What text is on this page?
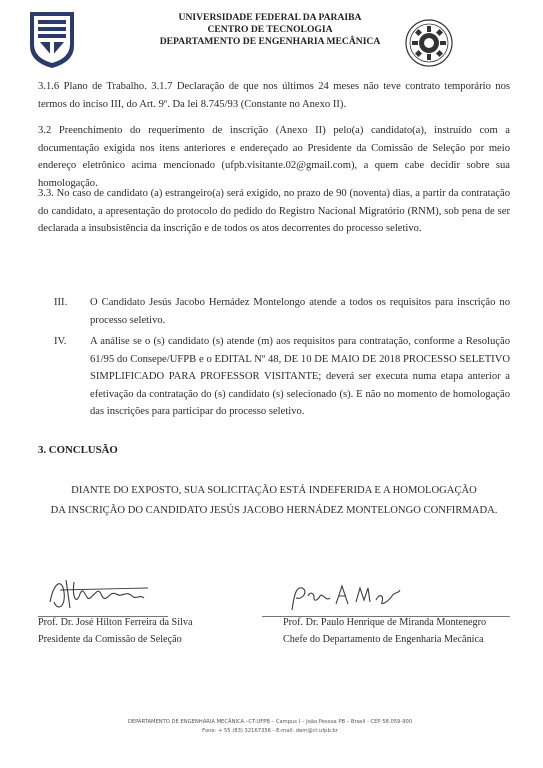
UNIVERSIDADE FEDERAL DA PARAIBA
CENTRO DE TECNOLOGIA
DEPARTAMENTO DE ENGENHARIA MECÂNICA
3.1.6 Plano de Trabalho. 3.1.7 Declaração de que nos últimos 24 meses não teve contrato temporário nos termos do inciso III, do Art. 9º. Da lei 8.745/93 (Constante no Anexo II).
3.2 Preenchimento do requerimento de inscrição (Anexo II) pelo(a) candidato(a), instruído com a documentação exigida nos itens anteriores e endereçado ao Presidente da Comissão de Seleção por meio endereço eletrônico acima mencionado (ufpb.visitante.02@gmail.com), a quem cabe decidir sobre sua homologação.
3.3. No caso de candidato (a) estrangeiro(a) será exigido, no prazo de 90 (noventa) dias, a partir da contratação do candidato, a apresentação do protocolo do pedido do Registro Nacional Migratório (RNM), sob pena de ser declarada a insubsistência da inscrição e de todos os atos decorrentes do processo seletivo.
III. O Candidato Jesús Jacobo Hernádez Montelongo atende a todos os requisitos para inscrição no processo seletivo.
IV. A análise se o (s) candidato (s) atende (m) aos requisitos para contratação, conforme a Resolução 61/95 do Consepe/UFPB e o EDITAL Nº 48, DE 10 DE MAIO DE 2018 PROCESSO SELETIVO SIMPLIFICADO PARA PROFESSOR VISITANTE; deverá ser executa numa etapa anterior a efetivação da contratação do (s) candidato (s) selecionado (s). E não no momento de homologação das inscrições para participar do processo seletivo.
3. CONCLUSÃO
DIANTE DO EXPOSTO, SUA SOLICITAÇÃO ESTÁ INDEFERIDA E A HOMOLOGAÇÃO
DA INSCRIÇÃO DO CANDIDATO JESÚS JACOBO HERNÁDEZ MONTELONGO CONFIRMADA.
Prof. Dr. José Hilton Ferreira da Silva
Presidente da Comissão de Seleção
Prof. Dr. Paulo Henrique de Miranda Montenegro
Chefe do Departamento de Engenharia Mecânica
DEPARTAMENTO DE ENGENHARIA MECÂNICA –CT-UFPB – Campus I – João Pessoa PB – Brasil - CEP 58.059-900
Fone: + 55 (83) 32167356 - E-mail: dem@ct.ufpb.br
